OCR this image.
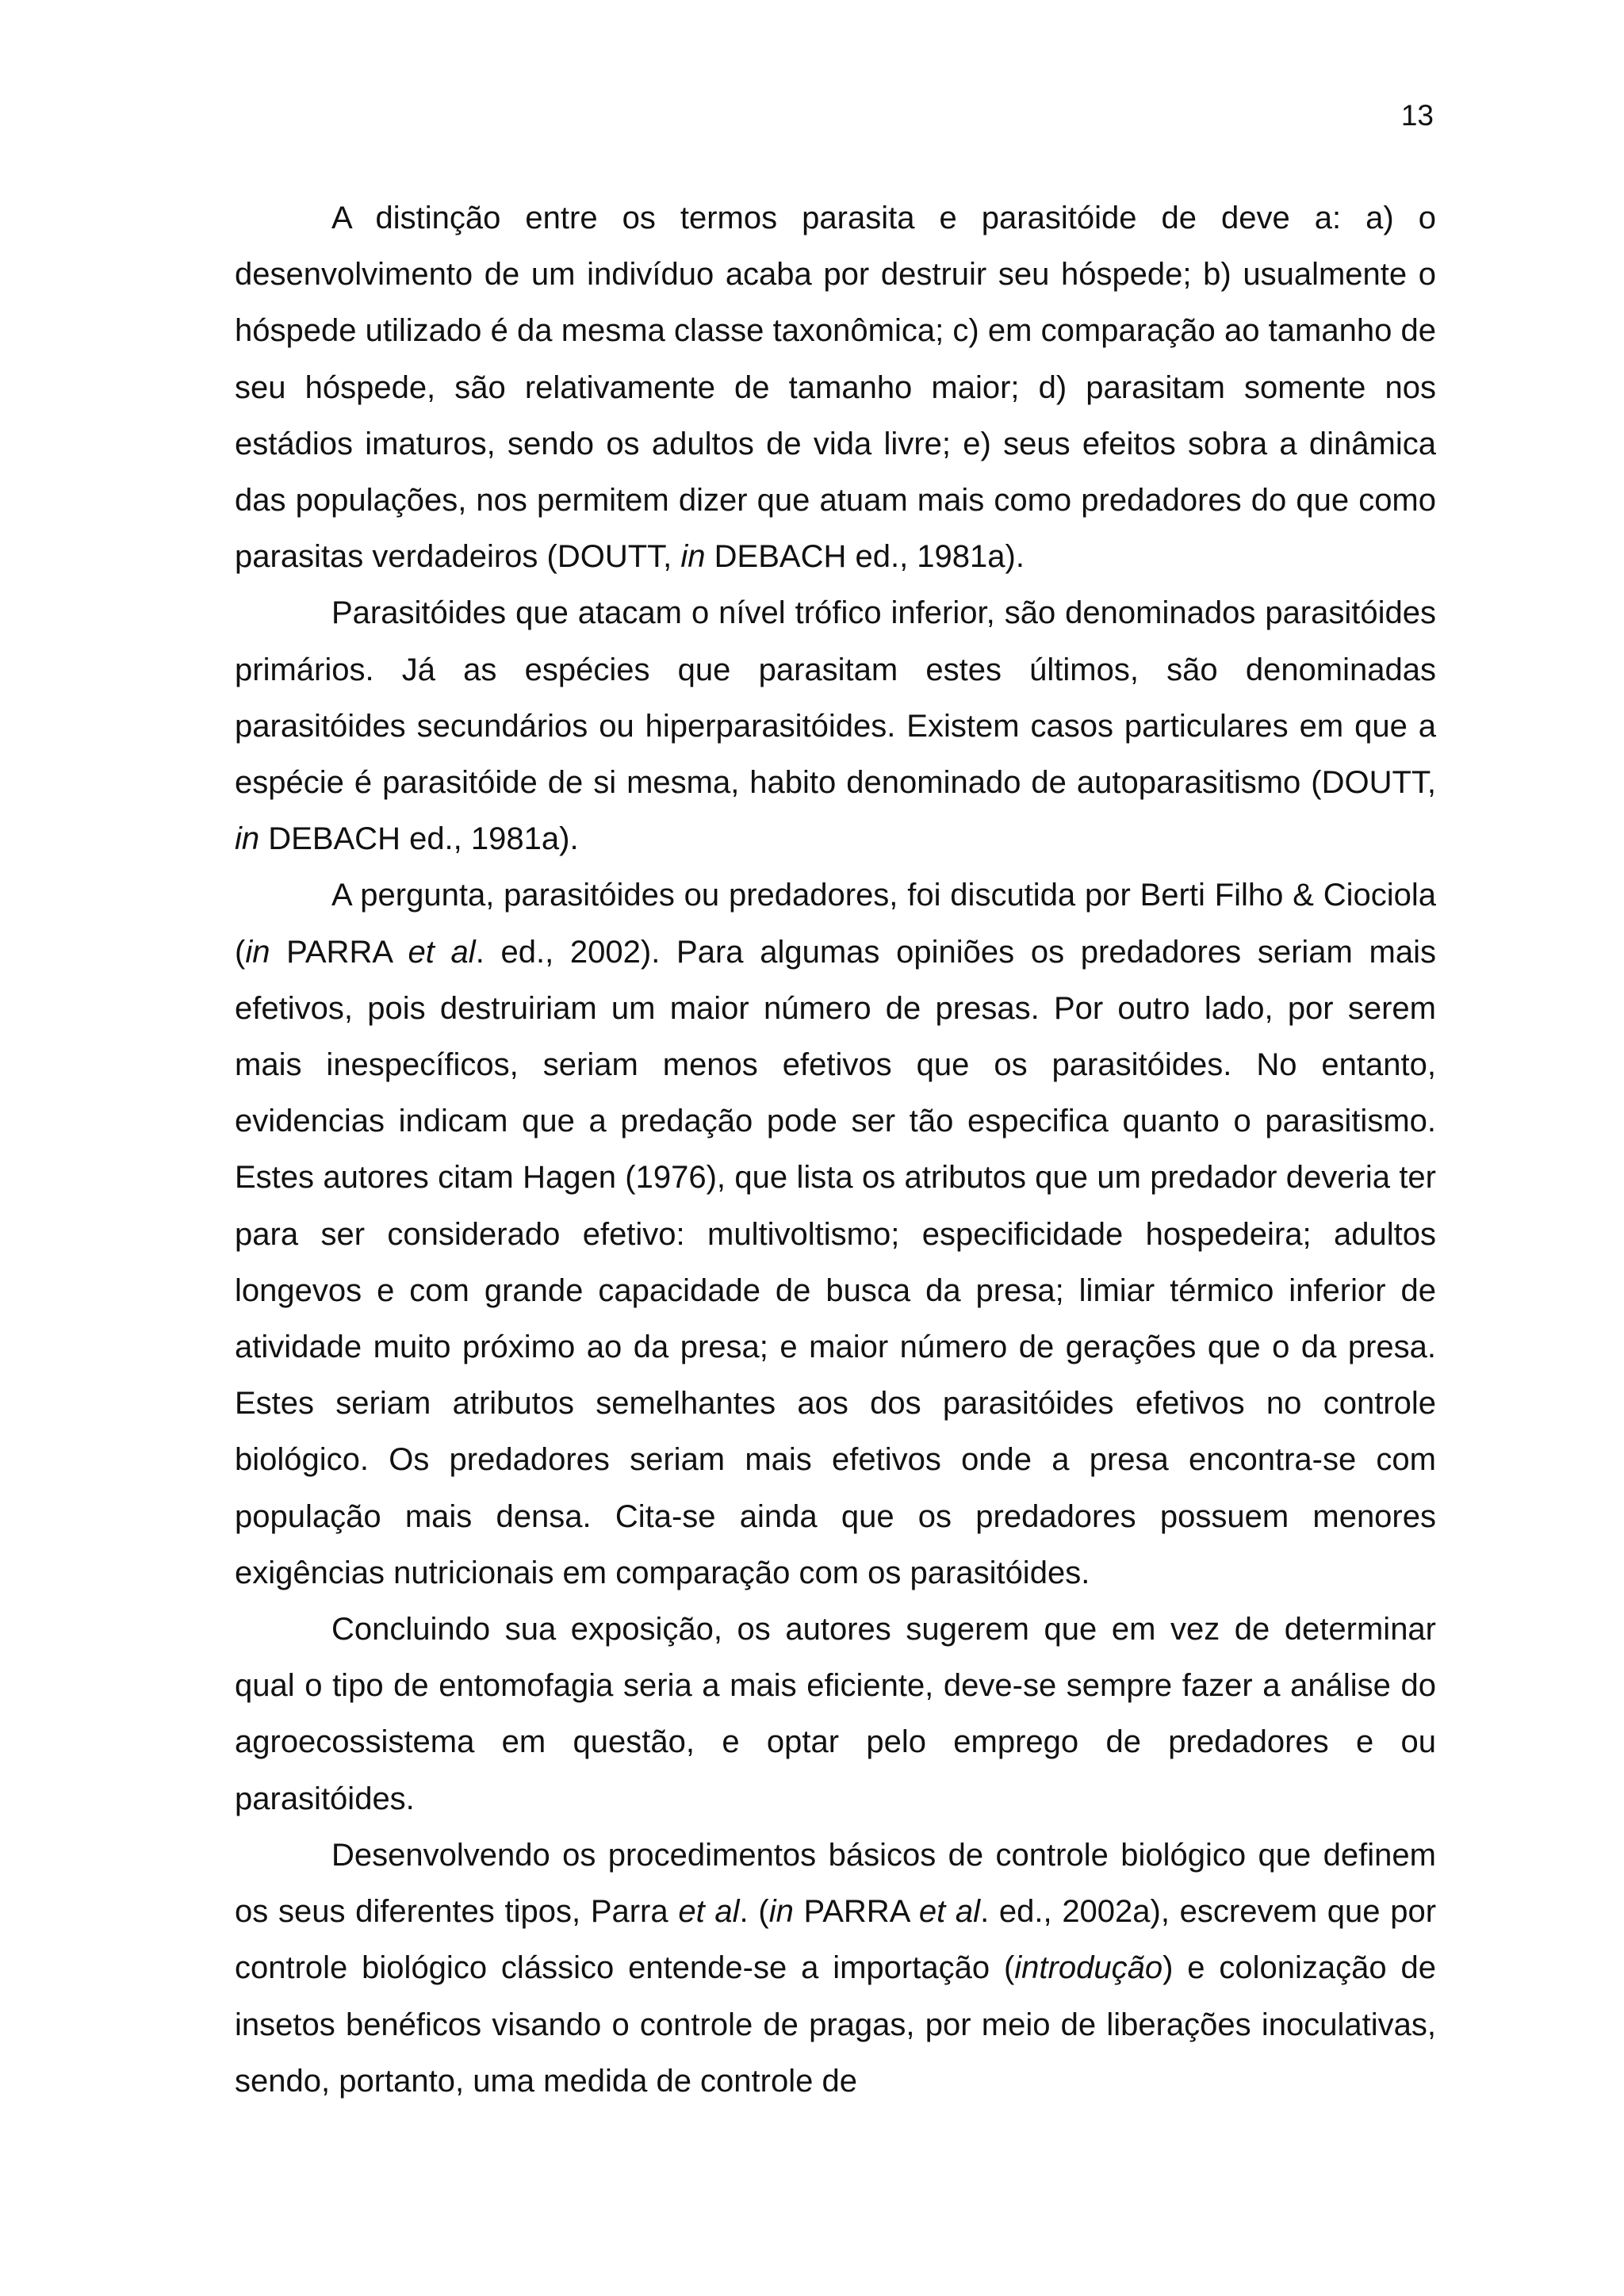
13

A distinção entre os termos parasita e parasitóide de deve a: a) o desenvolvimento de um indivíduo acaba por destruir seu hóspede; b) usualmente o hóspede utilizado é da mesma classe taxonômica; c) em comparação ao tamanho de seu hóspede, são relativamente de tamanho maior; d) parasitam somente nos estádios imaturos, sendo os adultos de vida livre; e) seus efeitos sobra a dinâmica das populações, nos permitem dizer que atuam mais como predadores do que como parasitas verdadeiros (DOUTT, in DEBACH ed., 1981a).

Parasitóides que atacam o nível trófico inferior, são denominados parasitóides primários. Já as espécies que parasitam estes últimos, são denominadas parasitóides secundários ou hiperparasitóides. Existem casos particulares em que a espécie é parasitóide de si mesma, habito denominado de autoparasitismo (DOUTT, in DEBACH ed., 1981a).

A pergunta, parasitóides ou predadores, foi discutida por Berti Filho & Ciociola (in PARRA et al. ed., 2002). Para algumas opiniões os predadores seriam mais efetivos, pois destruiriam um maior número de presas. Por outro lado, por serem mais inespecíficos, seriam menos efetivos que os parasitóides. No entanto, evidencias indicam que a predação pode ser tão especifica quanto o parasitismo. Estes autores citam Hagen (1976), que lista os atributos que um predador deveria ter para ser considerado efetivo: multivoltismo; especificidade hospedeira; adultos longevos e com grande capacidade de busca da presa; limiar térmico inferior de atividade muito próximo ao da presa; e maior número de gerações que o da presa. Estes seriam atributos semelhantes aos dos parasitóides efetivos no controle biológico. Os predadores seriam mais efetivos onde a presa encontra-se com população mais densa. Cita-se ainda que os predadores possuem menores exigências nutricionais em comparação com os parasitóides.

Concluindo sua exposição, os autores sugerem que em vez de determinar qual o tipo de entomofagia seria a mais eficiente, deve-se sempre fazer a análise do agroecossistema em questão, e optar pelo emprego de predadores e ou parasitóides.

Desenvolvendo os procedimentos básicos de controle biológico que definem os seus diferentes tipos, Parra et al. (in PARRA et al. ed., 2002a), escrevem que por controle biológico clássico entende-se a importação (introdução) e colonização de insetos benéficos visando o controle de pragas, por meio de liberações inoculativas, sendo, portanto, uma medida de controle de
